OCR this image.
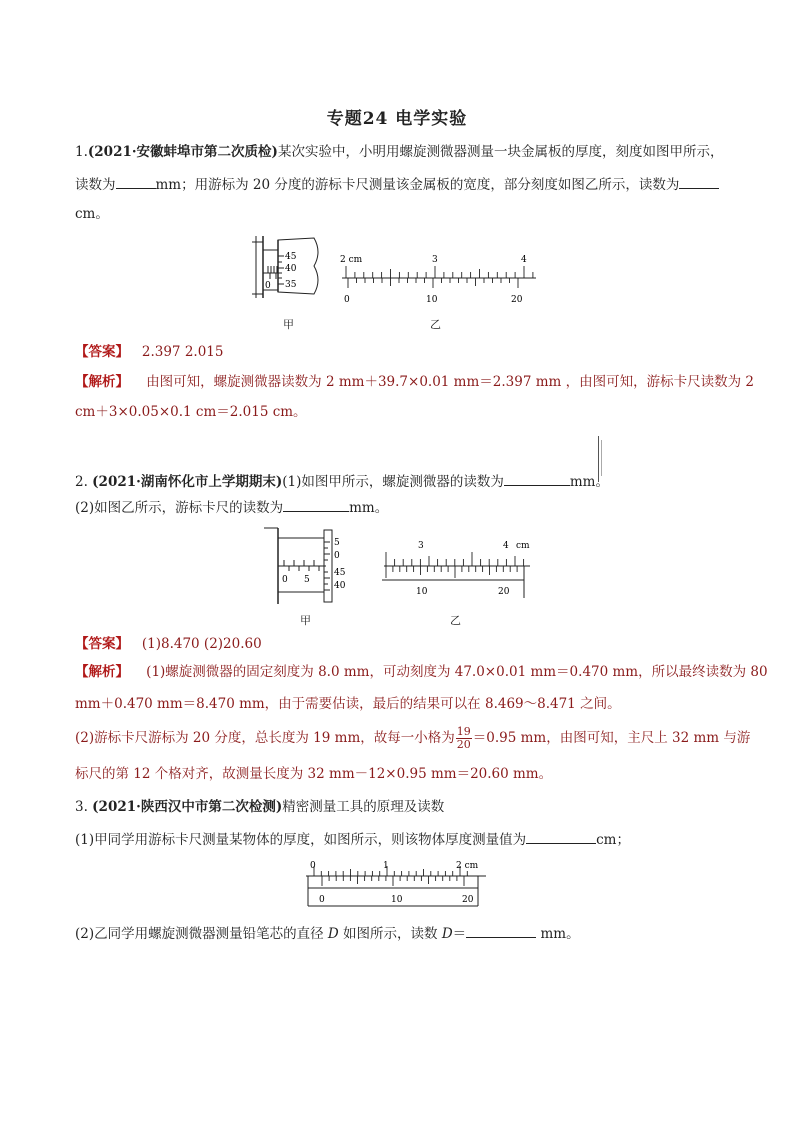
专题24 电学实验
1.(2021·安徽蚌埠市第二次质检)某次实验中，小明用螺旋测微器测量一块金属板的厚度，刻度如图甲所示，
读数为	mm；用游标为 20 分度的游标卡尺测量该金属板的宽度，部分刻度如图乙所示，读数为
cm。
0
45
40
35
甲
2 cm	3	4
0	10	20
乙
【答案】 2.397 2.015
【解析】 由图可知，螺旋测微器读数为 2 mm＋39.7×0.01 mm＝2.397 mm ，由图可知，游标卡尺读数为 2
cm＋3×0.05×0.1 cm＝2.015 cm。
2. (2021·湖南怀化市上学期期末)(1)如图甲所示，螺旋测微器的读数为	mm。
(2)如图乙所示，游标卡尺的读数为	mm。
0 5
5
0
45
40
甲
3	4 cm
10	20
乙
【答案】 (1)8.470 (2)20.60
【解析】 (1)螺旋测微器的固定刻度为 8.0 mm，可动刻度为 47.0×0.01 mm＝0.470 mm，所以最终读数为 80
mm＋0.470 mm＝8.470 mm，由于需要估读，最后的结果可以在 8.469～8.471 之间。
(2)游标卡尺游标为 20 分度，总长度为 19 mm，故每一小格为 $\frac{19}{20} =0.95$ mm，由图可知，主尺上 32 mm 与游
标尺的第 12 个格对齐，故测量长度为 32 mm－12×0.95 mm＝20.60 mm。
3. (2021·陕西汉中市第二次检测)精密测量工具的原理及读数
(1)甲同学用游标卡尺测量某物体的厚度，如图所示，则该物体厚度测量值为	cm；
0	1	2 cm
0	10	20
(2)乙同学用螺旋测微器测量铅笔芯的直径 D 如图所示，读数 D＝	mm。
